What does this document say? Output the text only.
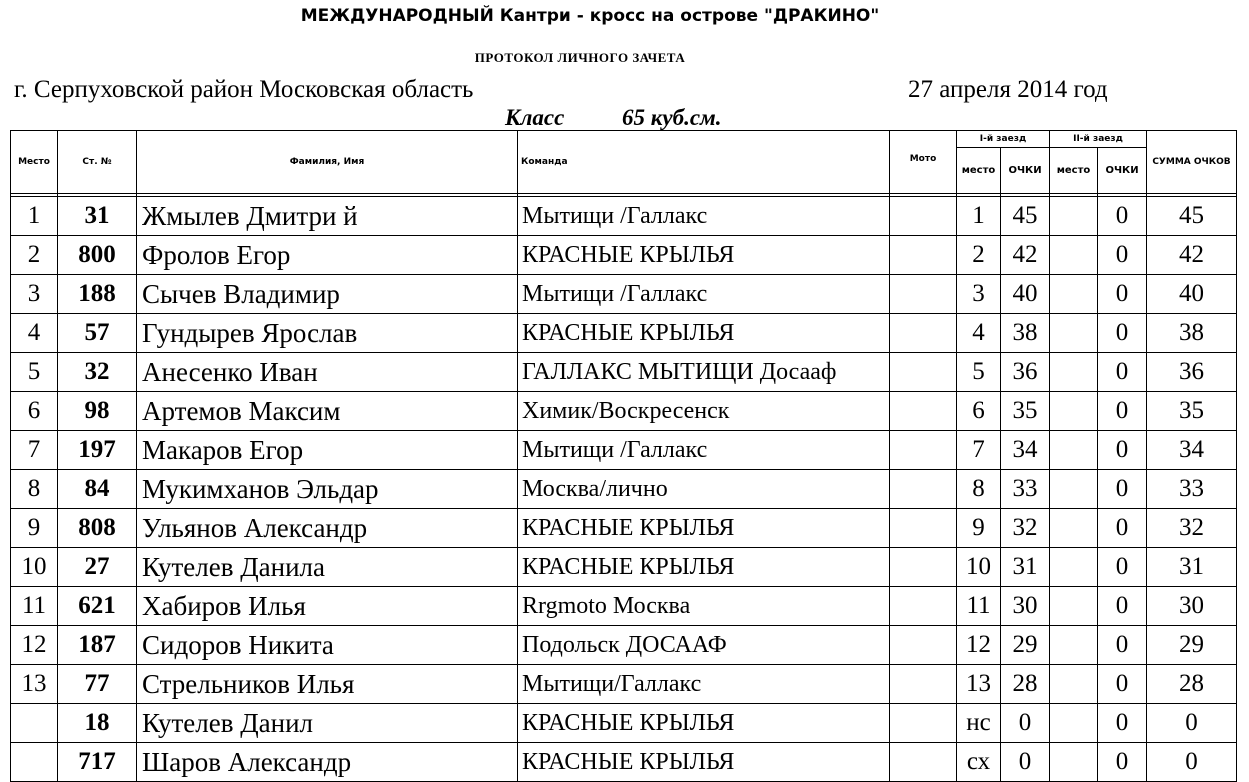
МЕЖДУНАРОДНЫЙ Кантри - кросс на острове "ДРАКИНО"
ПРОТОКОЛ ЛИЧНОГО ЗАЧЕТА
г. Серпуховской район Московская область	27 апреля 2014 год
Класс	65 куб.см.
Место	Ст. №	Фамилия, Имя	Команда	Мото	I-й заезд		II-й заезд		СУММА ОЧКОВ
					место	ОЧКИ	место	ОЧКИ	

1	31	Жмылев Дмитри й	Мытищи /Галлакс		1	45		0	45
2	800	Фролов Егор	КРАСНЫЕ КРЫЛЬЯ		2	42		0	42
3	188	Сычев Владимир	Мытищи /Галлакс		3	40		0	40
4	57	Гундырев Ярослав	КРАСНЫЕ КРЫЛЬЯ		4	38		0	38
5	32	Анесенко Иван	ГАЛЛАКС МЫТИЩИ Досааф		5	36		0	36
6	98	Артемов Максим	Химик/Воскресенск		6	35		0	35
7	197	Макаров Егор	Мытищи /Галлакс		7	34		0	34
8	84	Мукимханов Эльдар	Москва/лично		8	33		0	33
9	808	Ульянов Александр	КРАСНЫЕ КРЫЛЬЯ		9	32		0	32
10	27	Кутелев Данила	КРАСНЫЕ КРЫЛЬЯ		10	31		0	31
11	621	Хабиров Илья	Rrgmoto Москва		11	30		0	30
12	187	Сидоров Никита	Подольск ДОСААФ		12	29		0	29
13	77	Стрельников Илья	Мытищи/Галлакс		13	28		0	28
	18	Кутелев Данил	КРАСНЫЕ КРЫЛЬЯ		нс	0		0	0
	717	Шаров Александр	КРАСНЫЕ КРЫЛЬЯ		сх	0		0	0
